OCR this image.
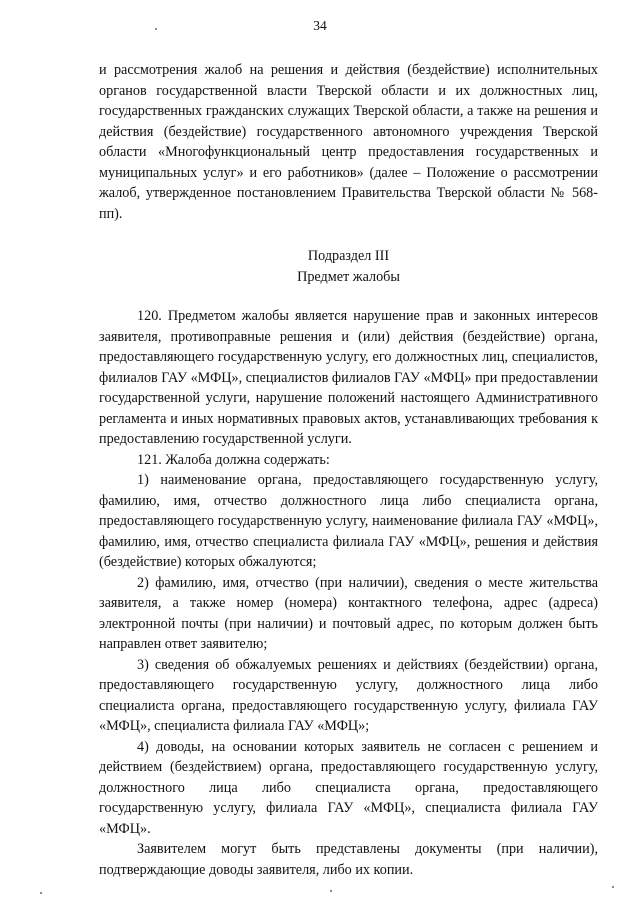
34

и рассмотрения жалоб на решения и действия (бездействие) исполнительных органов государственной власти Тверской области и их должностных лиц, государственных гражданских служащих Тверской области, а также на решения и действия (бездействие) государственного автономного учреждения Тверской области «Многофункциональный центр предоставления государственных и муниципальных услуг» и его работников» (далее – Положение о рассмотрении жалоб, утвержденное постановлением Правительства Тверской области № 568-пп).

Подраздел III
Предмет жалобы

120. Предметом жалобы является нарушение прав и законных интересов заявителя, противоправные решения и (или) действия (бездействие) органа, предоставляющего государственную услугу, его должностных лиц, специалистов, филиалов ГАУ «МФЦ», специалистов филиалов ГАУ «МФЦ» при предоставлении государственной услуги, нарушение положений настоящего Административного регламента и иных нормативных правовых актов, устанавливающих требования к предоставлению государственной услуги.

121. Жалоба должна содержать:

1) наименование органа, предоставляющего государственную услугу, фамилию, имя, отчество должностного лица либо специалиста органа, предоставляющего государственную услугу, наименование филиала ГАУ «МФЦ», фамилию, имя, отчество специалиста филиала ГАУ «МФЦ», решения и действия (бездействие) которых обжалуются;

2) фамилию, имя, отчество (при наличии), сведения о месте жительства заявителя, а также номер (номера) контактного телефона, адрес (адреса) электронной почты (при наличии) и почтовый адрес, по которым должен быть направлен ответ заявителю;

3) сведения об обжалуемых решениях и действиях (бездействии) органа, предоставляющего государственную услугу, должностного лица либо специалиста органа, предоставляющего государственную услугу, филиала ГАУ «МФЦ», специалиста филиала ГАУ «МФЦ»;

4) доводы, на основании которых заявитель не согласен с решением и действием (бездействием) органа, предоставляющего государственную услугу, должностного лица либо специалиста органа, предоставляющего государственную услугу, филиала ГАУ «МФЦ», специалиста филиала ГАУ «МФЦ».

Заявителем могут быть представлены документы (при наличии), подтверждающие доводы заявителя, либо их копии.
